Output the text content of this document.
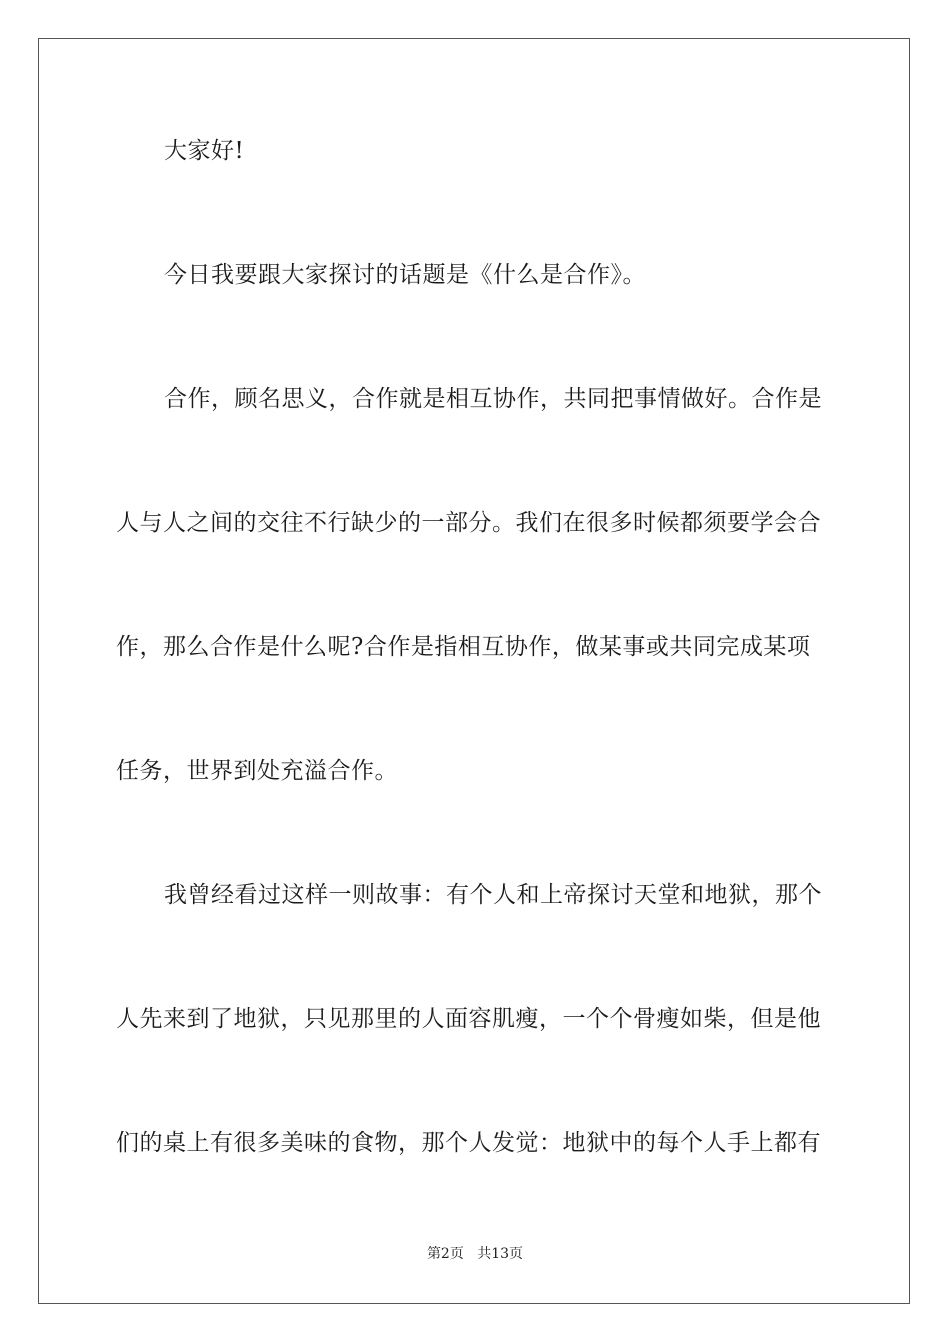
大家好!
今日我要跟大家探讨的话题是《什么是合作》。
合作，顾名思义，合作就是相互协作，共同把事情做好。合作是
人与人之间的交往不行缺少的一部分。我们在很多时候都须要学会合
作，那么合作是什么呢?合作是指相互协作，做某事或共同完成某项
任务，世界到处充溢合作。
我曾经看过这样一则故事：有个人和上帝探讨天堂和地狱，那个
人先来到了地狱，只见那里的人面容肌瘦，一个个骨瘦如柴，但是他
们的桌上有很多美味的食物，那个人发觉：地狱中的每个人手上都有
第2页 共13页
